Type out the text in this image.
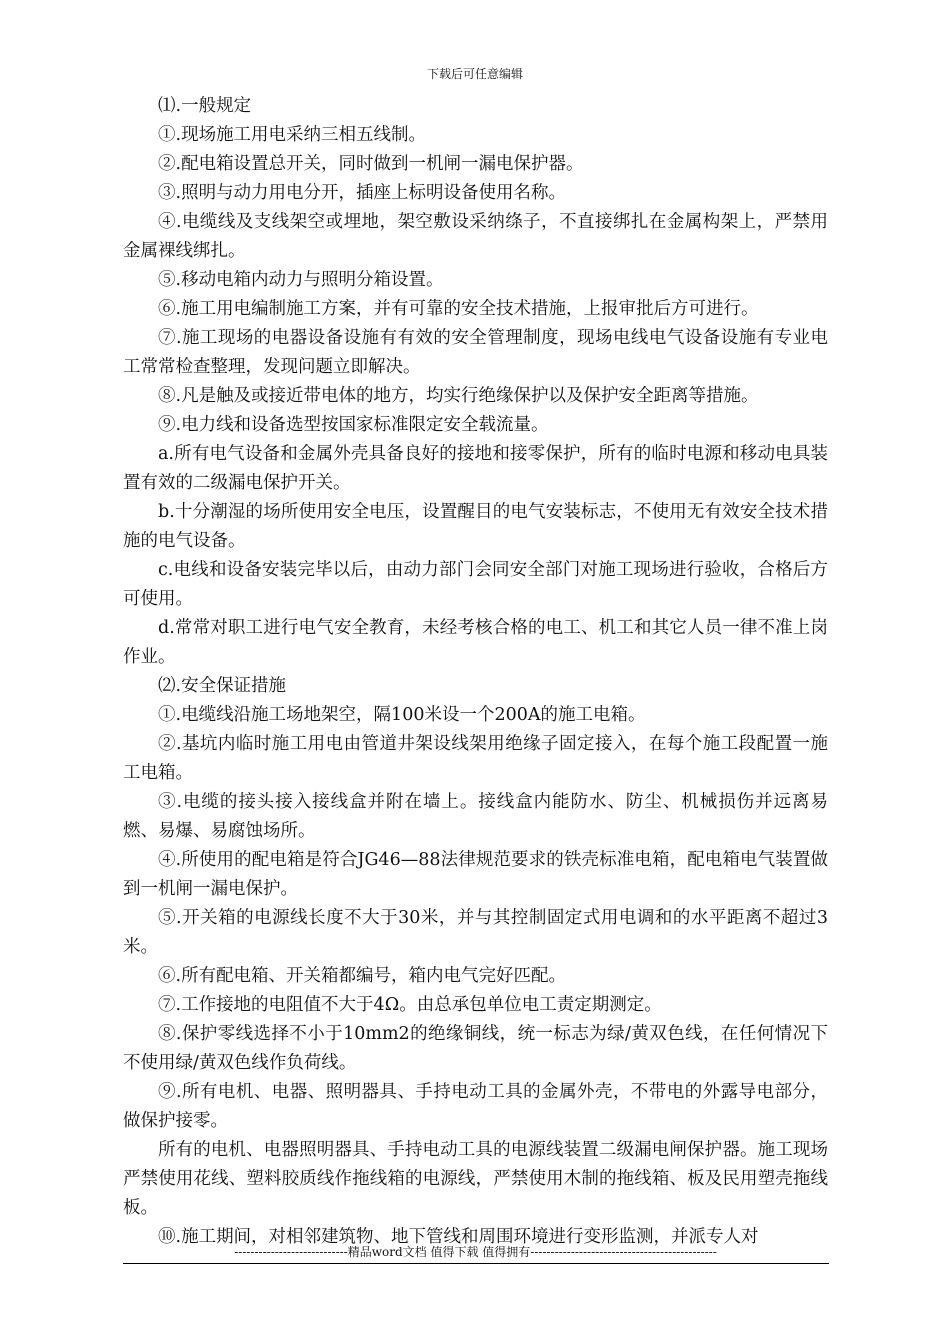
下载后可任意编辑

⑴.一般规定

①.现场施工用电采纳三相五线制。

②.配电箱设置总开关，同时做到一机闸一漏电保护器。

③.照明与动力用电分开，插座上标明设备使用名称。

④.电缆线及支线架空或埋地，架空敷设采纳绦子，不直接绑扎在金属构架上，严禁用金属裸线绑扎。

⑤.移动电箱内动力与照明分箱设置。

⑥.施工用电编制施工方案，并有可靠的安全技术措施，上报审批后方可进行。

⑦.施工现场的电器设备设施有有效的安全管理制度，现场电线电气设备设施有专业电工常常检查整理，发现问题立即解决。

⑧.凡是触及或接近带电体的地方，均实行绝缘保护以及保护安全距离等措施。

⑨.电力线和设备选型按国家标准限定安全载流量。

a.所有电气设备和金属外壳具备良好的接地和接零保护，所有的临时电源和移动电具装置有效的二级漏电保护开关。

b.十分潮湿的场所使用安全电压，设置醒目的电气安装标志，不使用无有效安全技术措施的电气设备。

c.电线和设备安装完毕以后，由动力部门会同安全部门对施工现场进行验收，合格后方可使用。

d.常常对职工进行电气安全教育，未经考核合格的电工、机工和其它人员一律不准上岗作业。

⑵.安全保证措施

①.电缆线沿施工场地架空，隔100米设一个200A的施工电箱。

②.基坑内临时施工用电由管道井架设线架用绝缘子固定接入，在每个施工段配置一施工电箱。

③.电缆的接头接入接线盒并附在墙上。接线盒内能防水、防尘、机械损伤并远离易燃、易爆、易腐蚀场所。

④.所使用的配电箱是符合JG46—88法律规范要求的铁壳标准电箱，配电箱电气装置做到一机闸一漏电保护。

⑤.开关箱的电源线长度不大于30米，并与其控制固定式用电调和的水平距离不超过3米。

⑥.所有配电箱、开关箱都编号，箱内电气完好匹配。

⑦.工作接地的电阻值不大于4Ω。由总承包单位电工责定期测定。

⑧.保护零线选择不小于10mm2的绝缘铜线，统一标志为绿/黄双色线，在任何情况下不使用绿/黄双色线作负荷线。

⑨.所有电机、电器、照明器具、手持电动工具的金属外壳，不带电的外露导电部分，做保护接零。

所有的电机、电器照明器具、手持电动工具的电源线装置二级漏电闸保护器。施工现场严禁使用花线、塑料胶质线作拖线箱的电源线，严禁使用木制的拖线箱、板及民用塑壳拖线板。

⑩.施工期间，对相邻建筑物、地下管线和周围环境进行变形监测，并派专人对

----------------------------精品word文档 值得下载 值得拥有----------------------------------------------
